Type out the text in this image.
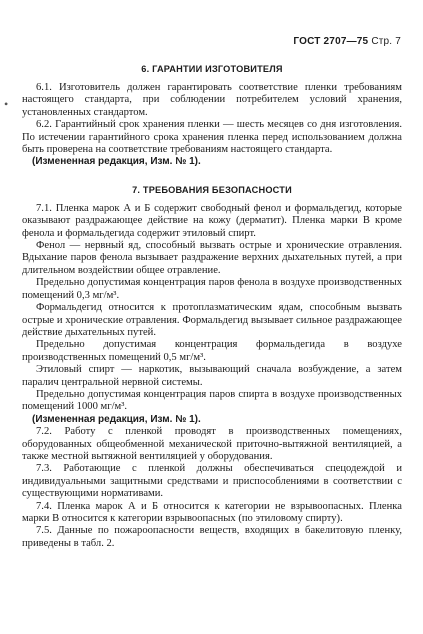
ГОСТ 2707—75 Стр. 7
•
6. ГАРАНТИИ ИЗГОТОВИТЕЛЯ

6.1. Изготовитель должен гарантировать соответствие пленки требованиям настоящего стандарта, при соблюдении потребителем условий хранения, установленных стандартом.

6.2. Гарантийный срок хранения пленки — шесть месяцев со дня изготовления. По истечении гарантийного срока хранения пленка перед использованием должна быть проверена на соответствие требованиям настоящего стандарта.

(Измененная редакция, Изм. № 1).

7. ТРЕБОВАНИЯ БЕЗОПАСНОСТИ

7.1. Пленка марок А и Б содержит свободный фенол и формальдегид, которые оказывают раздражающее действие на кожу (дерматит). Пленка марки В кроме фенола и формальдегида содержит этиловый спирт.

Фенол — нервный яд, способный вызвать острые и хронические отравления. Вдыхание паров фенола вызывает раздражение верхних дыхательных путей, а при длительном воздействии общее отравление.

Предельно допустимая концентрация паров фенола в воздухе производственных помещений 0,3 мг/м³.

Формальдегид относится к протоплазматическим ядам, способным вызвать острые и хронические отравления. Формальдегид вызывает сильное раздражающее действие дыхательных путей.

Предельно допустимая концентрация формальдегида в воздухе производственных помещений 0,5 мг/м³.

Этиловый спирт — наркотик, вызывающий сначала возбуждение, а затем паралич центральной нервной системы.

Предельно допустимая концентрация паров спирта в воздухе производственных помещений 1000 мг/м³.

(Измененная редакция, Изм. № 1).

7.2. Работу с пленкой проводят в производственных помещениях, оборудованных общеобменной механической приточно-вытяжной вентиляцией, а также местной вытяжной вентиляцией у оборудования.

7.3. Работающие с пленкой должны обеспечиваться спецодеждой и индивидуальными защитными средствами и приспособлениями в соответствии с существующими нормативами.

7.4. Пленка марок А и Б относится к категории не взрывоопасных. Пленка марки В относится к категории взрывоопасных (по этиловому спирту).

7.5. Данные по пожароопасности веществ, входящих в бакелитовую пленку, приведены в табл. 2.
